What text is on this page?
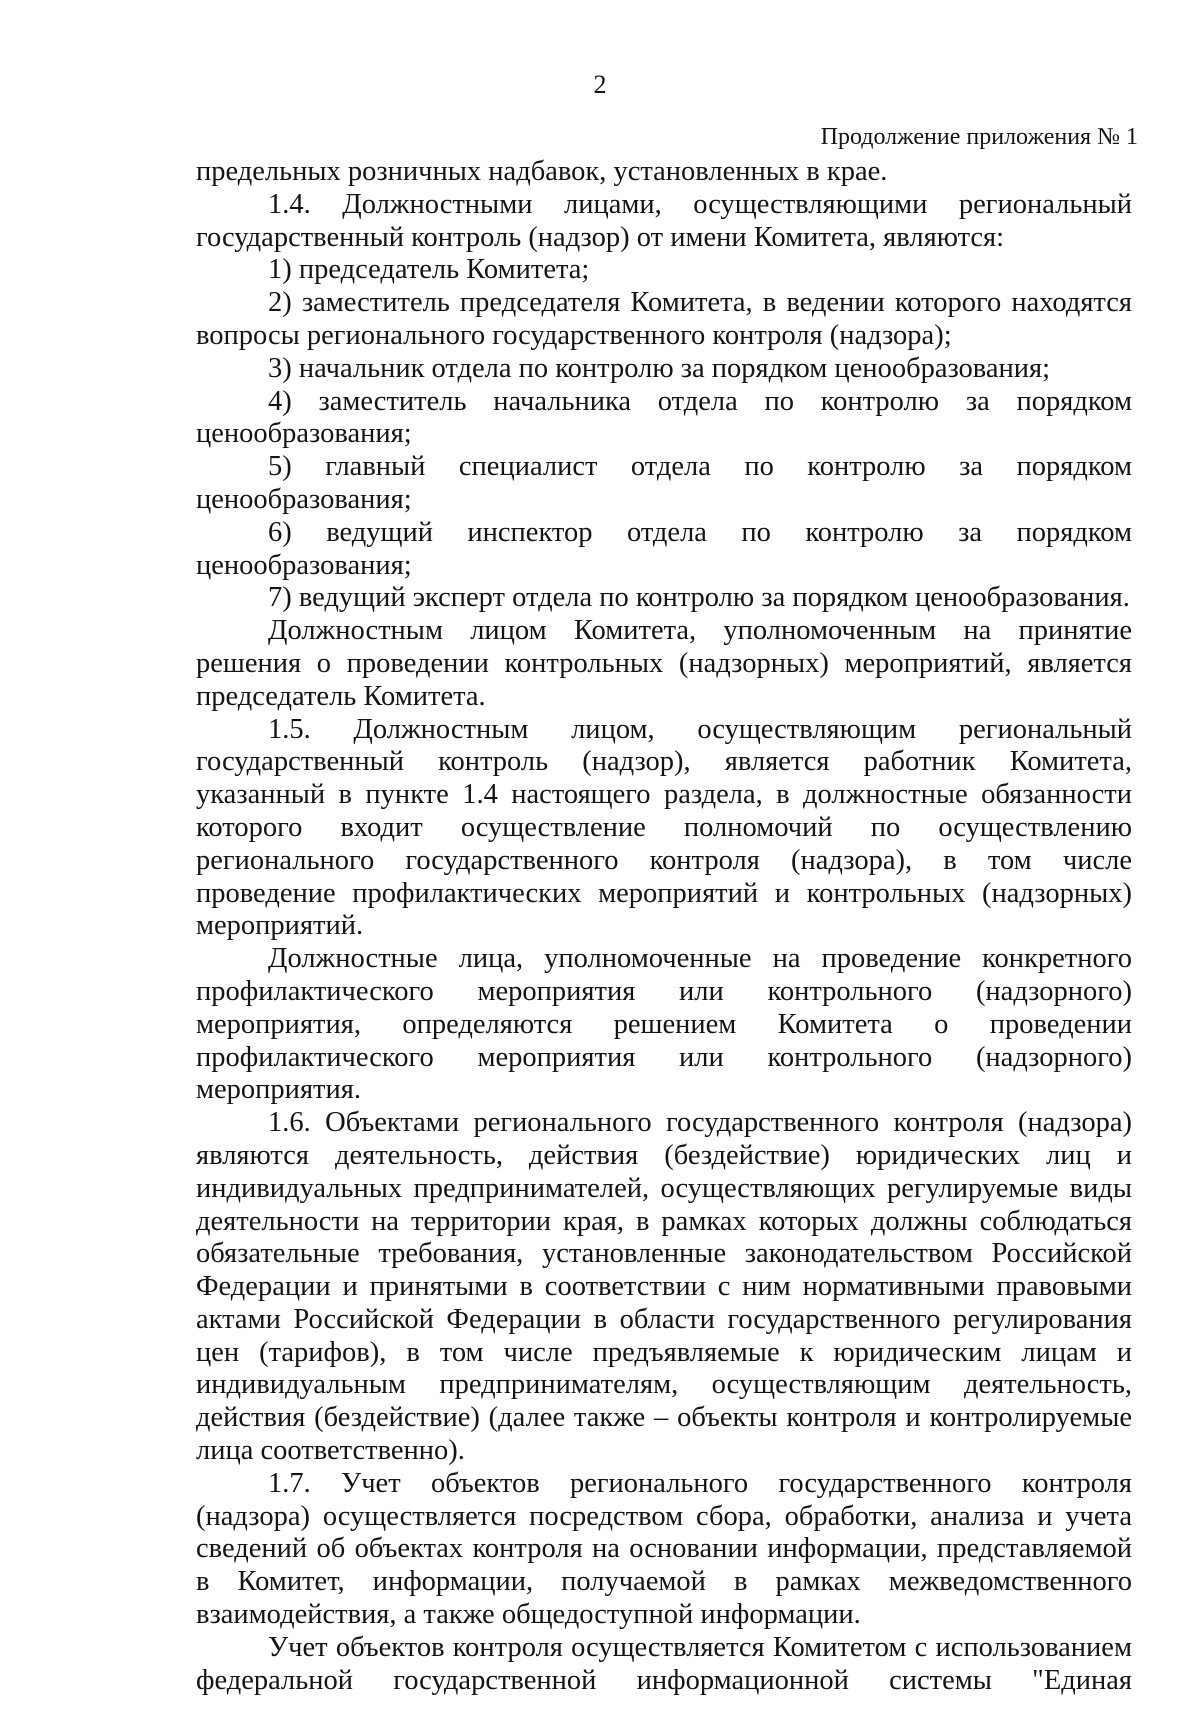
2
Продолжение приложения № 1

предельных розничных надбавок, установленных в крае.

1.4. Должностными лицами, осуществляющими региональный государственный контроль (надзор) от имени Комитета, являются:

1) председатель Комитета;

2) заместитель председателя Комитета, в ведении которого находятся вопросы регионального государственного контроля (надзора);

3) начальник отдела по контролю за порядком ценообразования;

4) заместитель начальника отдела по контролю за порядком ценообразования;

5) главный специалист отдела по контролю за порядком ценообразования;

6) ведущий инспектор отдела по контролю за порядком ценообразования;

7) ведущий эксперт отдела по контролю за порядком ценообразования.

Должностным лицом Комитета, уполномоченным на принятие решения о проведении контрольных (надзорных) мероприятий, является председатель Комитета.

1.5. Должностным лицом, осуществляющим региональный государственный контроль (надзор), является работник Комитета, указанный в пункте 1.4 настоящего раздела, в должностные обязанности которого входит осуществление полномочий по осуществлению регионального государственного контроля (надзора), в том числе проведение профилактических мероприятий и контрольных (надзорных) мероприятий.

Должностные лица, уполномоченные на проведение конкретного профилактического мероприятия или контрольного (надзорного) мероприятия, определяются решением Комитета о проведении профилактического мероприятия или контрольного (надзорного) мероприятия.

1.6. Объектами регионального государственного контроля (надзора) являются деятельность, действия (бездействие) юридических лиц и индивидуальных предпринимателей, осуществляющих регулируемые виды деятельности на территории края, в рамках которых должны соблюдаться обязательные требования, установленные законодательством Российской Федерации и принятыми в соответствии с ним нормативными правовыми актами Российской Федерации в области государственного регулирования цен (тарифов), в том числе предъявляемые к юридическим лицам и индивидуальным предпринимателям, осуществляющим деятельность, действия (бездействие) (далее также – объекты контроля и контролируемые лица соответственно).

1.7. Учет объектов регионального государственного контроля (надзора) осуществляется посредством сбора, обработки, анализа и учета сведений об объектах контроля на основании информации, представляемой в Комитет, информации, получаемой в рамках межведомственного взаимодействия, а также общедоступной информации.

Учет объектов контроля осуществляется Комитетом с использованием федеральной государственной информационной системы "Единая
